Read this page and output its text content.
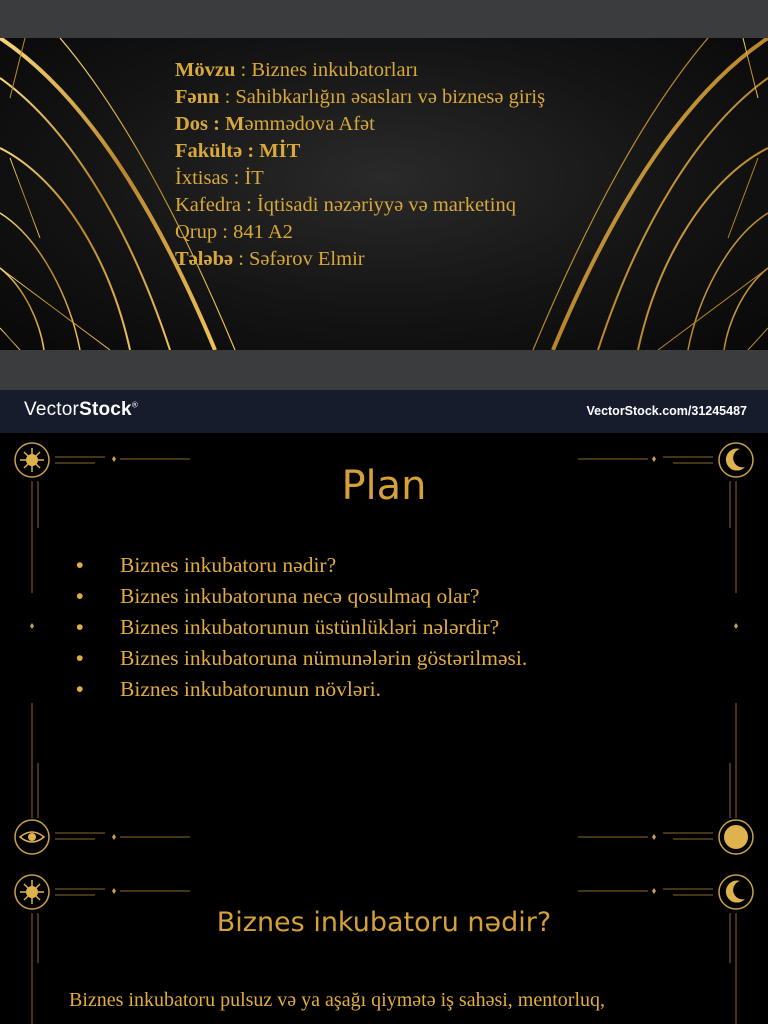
Mövzu : Biznes inkubatorları
Fənn : Sahibkarlığın əsasları və biznesə giriş
Dos : Məmmədova Afət
Fakültə : MİT
İxtisas : İT
Kafedra : İqtisadi nəzəriyyə və marketinq
Qrup : 841 A2
Tələbə : Səfərov Elmir
VectorStock®	VectorStock.com/31245487
Plan
• Biznes inkubatoru nədir?
• Biznes inkubatoruna necə qosulmaq olar?
• Biznes inkubatorunun üstünlükləri nələrdir?
• Biznes inkubatoruna nümunələrin göstərilməsi.
• Biznes inkubatorunun növləri.
Biznes inkubatoru nədir?
Biznes inkubatoru pulsuz və ya aşağı qiymətə iş sahəsi, mentorluq,
